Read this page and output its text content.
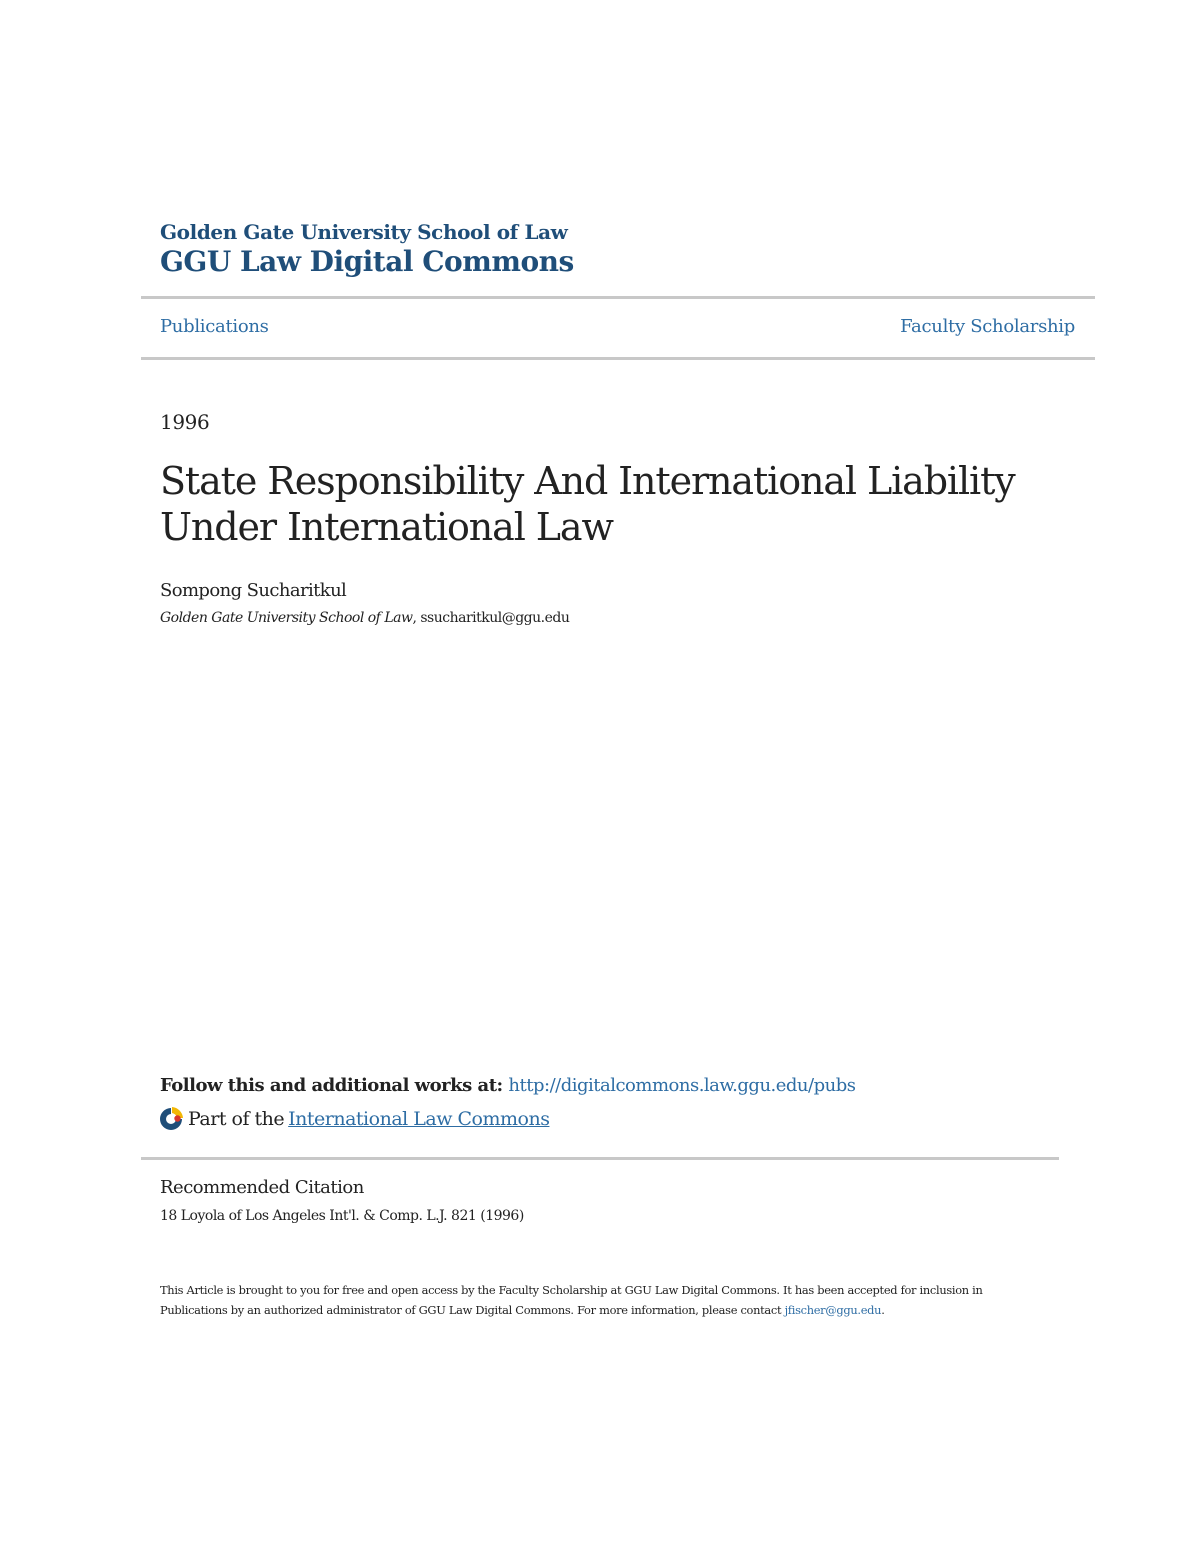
Golden Gate University School of Law
GGU Law Digital Commons
Publications	Faculty Scholarship
1996
State Responsibility And International Liability Under International Law
Sompong Sucharitkul
Golden Gate University School of Law, ssucharitkul@ggu.edu
Follow this and additional works at: http://digitalcommons.law.ggu.edu/pubs
Part of the International Law Commons
Recommended Citation
18 Loyola of Los Angeles Int'l. & Comp. L.J. 821 (1996)
This Article is brought to you for free and open access by the Faculty Scholarship at GGU Law Digital Commons. It has been accepted for inclusion in Publications by an authorized administrator of GGU Law Digital Commons. For more information, please contact jfischer@ggu.edu.
